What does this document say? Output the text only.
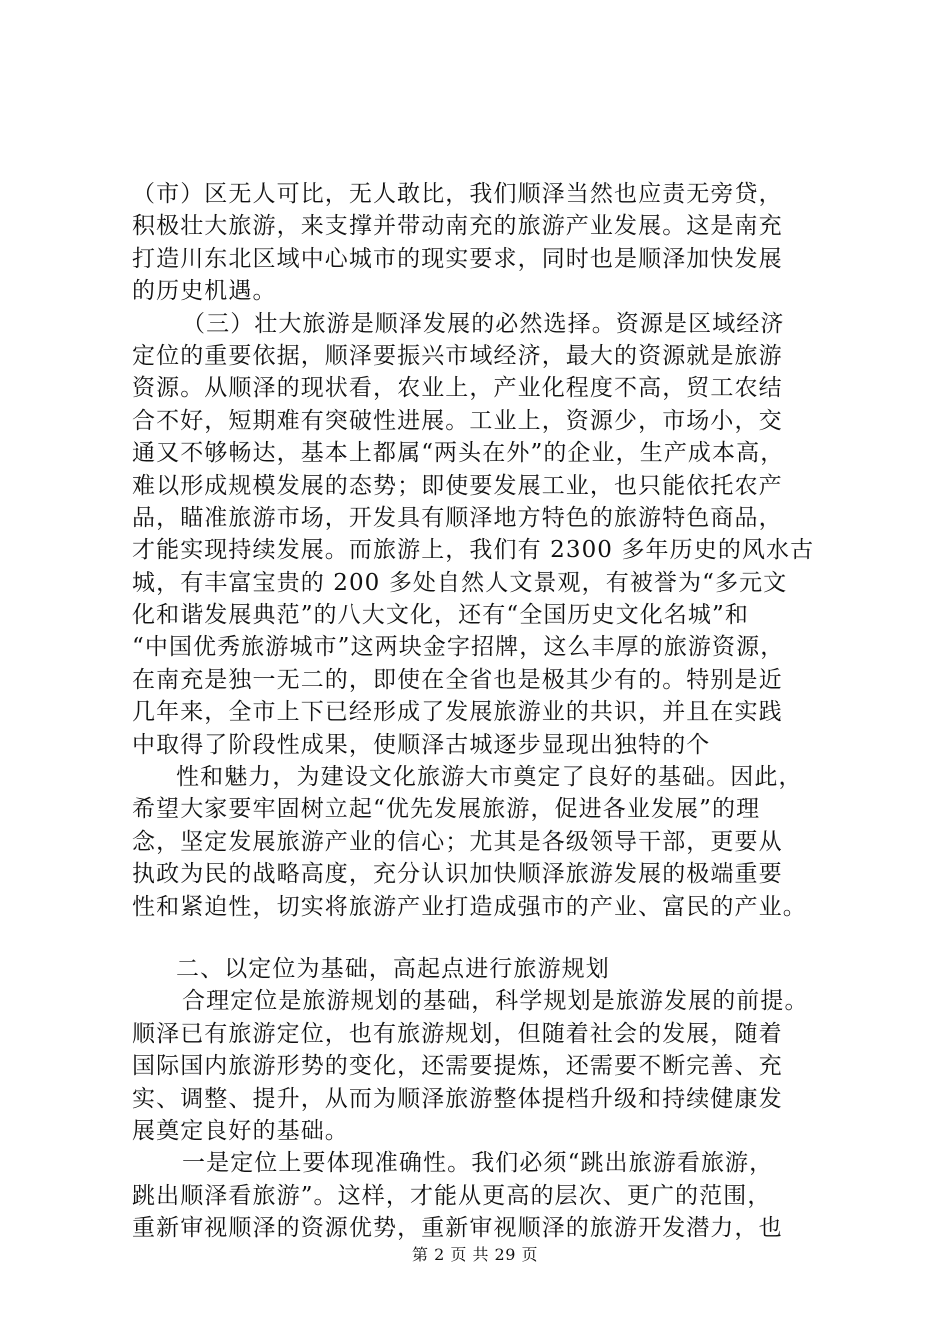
（市）区无人可比，无人敢比，我们顺泽当然也应责无旁贷，
积极壮大旅游，来支撑并带动南充的旅游产业发展。这是南充
打造川东北区域中心城市的现实要求，同时也是顺泽加快发展
的历史机遇。
（三）壮大旅游是顺泽发展的必然选择。资源是区域经济
定位的重要依据，顺泽要振兴市域经济，最大的资源就是旅游
资源。从顺泽的现状看，农业上，产业化程度不高，贸工农结
合不好，短期难有突破性进展。工业上，资源少，市场小，交
通又不够畅达，基本上都属“两头在外”的企业，生产成本高，
难以形成规模发展的态势；即使要发展工业，也只能依托农产
品，瞄准旅游市场，开发具有顺泽地方特色的旅游特色商品，
才能实现持续发展。而旅游上，我们有 2300 多年历史的风水古
城，有丰富宝贵的 200 多处自然人文景观，有被誉为“多元文
化和谐发展典范”的八大文化，还有“全国历史文化名城”和
“中国优秀旅游城市”这两块金字招牌，这么丰厚的旅游资源，
在南充是独一无二的，即使在全省也是极其少有的。特别是近
几年来，全市上下已经形成了发展旅游业的共识，并且在实践
中取得了阶段性成果，使顺泽古城逐步显现出独特的个
性和魅力，为建设文化旅游大市奠定了良好的基础。因此，
希望大家要牢固树立起“优先发展旅游，促进各业发展”的理
念，坚定发展旅游产业的信心；尤其是各级领导干部，更要从
执政为民的战略高度，充分认识加快顺泽旅游发展的极端重要
性和紧迫性，切实将旅游产业打造成强市的产业、富民的产业。
二、以定位为基础，高起点进行旅游规划
合理定位是旅游规划的基础，科学规划是旅游发展的前提。
顺泽已有旅游定位，也有旅游规划，但随着社会的发展，随着
国际国内旅游形势的变化，还需要提炼，还需要不断完善、充
实、调整、提升，从而为顺泽旅游整体提档升级和持续健康发
展奠定良好的基础。
一是定位上要体现准确性。我们必须“跳出旅游看旅游，
跳出顺泽看旅游”。这样，才能从更高的层次、更广的范围，
重新审视顺泽的资源优势，重新审视顺泽的旅游开发潜力，也
第 2 页 共 29 页
